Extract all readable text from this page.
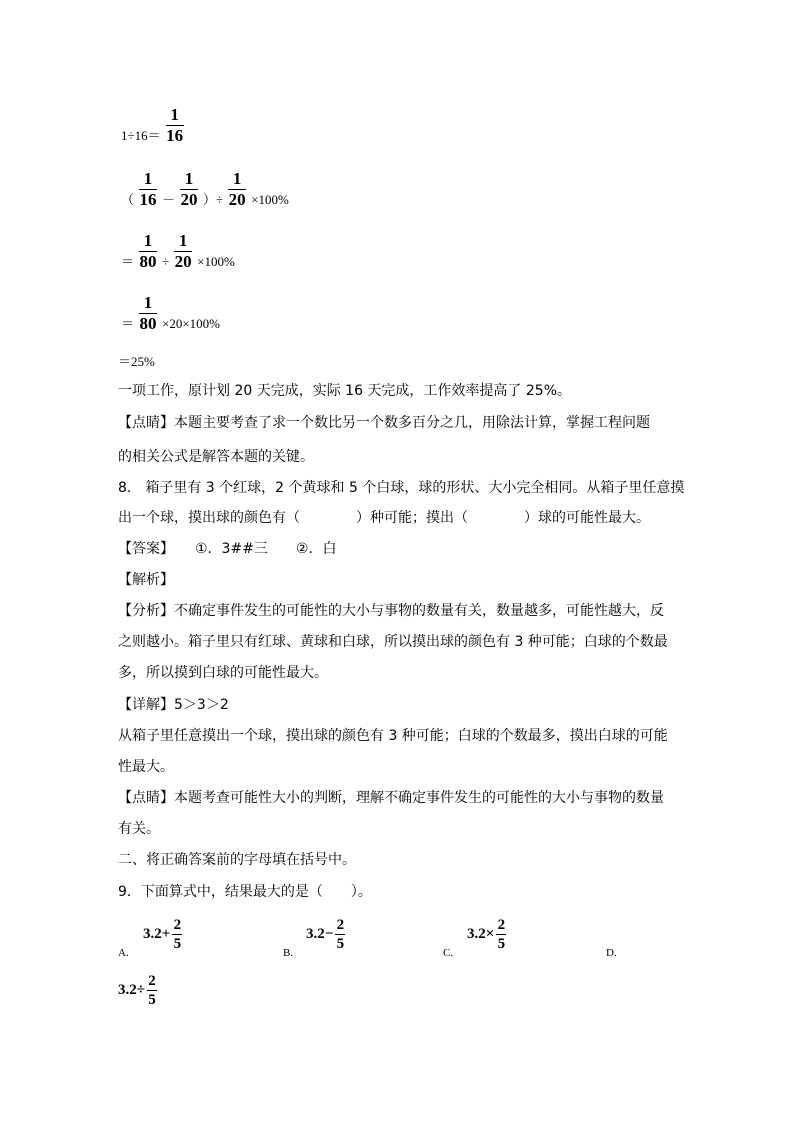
1÷16＝
1
16
（
1
16 －
1
20 ）÷
1
20 ×100%
＝
1
80 ÷
1
20 ×100%
＝
1
80 ×20×100%
＝25%
一项工作，原计划 20 天完成，实际 16 天完成，工作效率提高了 25%。
【点睛】本题主要考查了求一个数比另一个数多百分之几，用除法计算，掌握工程问题
的相关公式是解答本题的关键。
8.　箱子里有 3 个红球，2 个黄球和 5 个白球，球的形状、大小完全相同。从箱子里任意摸
出一个球，摸出球的颜色有（　　　　）种可能；摸出（　　　　）球的可能性最大。
【答案】　　①．3##三　　②．白
【解析】
【分析】不确定事件发生的可能性的大小与事物的数量有关，数量越多，可能性越大，反
之则越小。箱子里只有红球、黄球和白球，所以摸出球的颜色有 3 种可能；白球的个数最
多，所以摸到白球的可能性最大。
【详解】5＞3＞2
从箱子里任意摸出一个球，摸出球的颜色有 3 种可能；白球的个数最多，摸出白球的可能
性最大。
【点睛】本题考查可能性大小的判断，理解不确定事件发生的可能性的大小与事物的数量
有关。
二、将正确答案前的字母填在括号中。
9．下面算式中，结果最大的是（　　）。
A.
3.2 +
2
5
B.
3.2 −
2
5
C.
3.2 ×
2
5
D.
3.2 ÷
2
5
